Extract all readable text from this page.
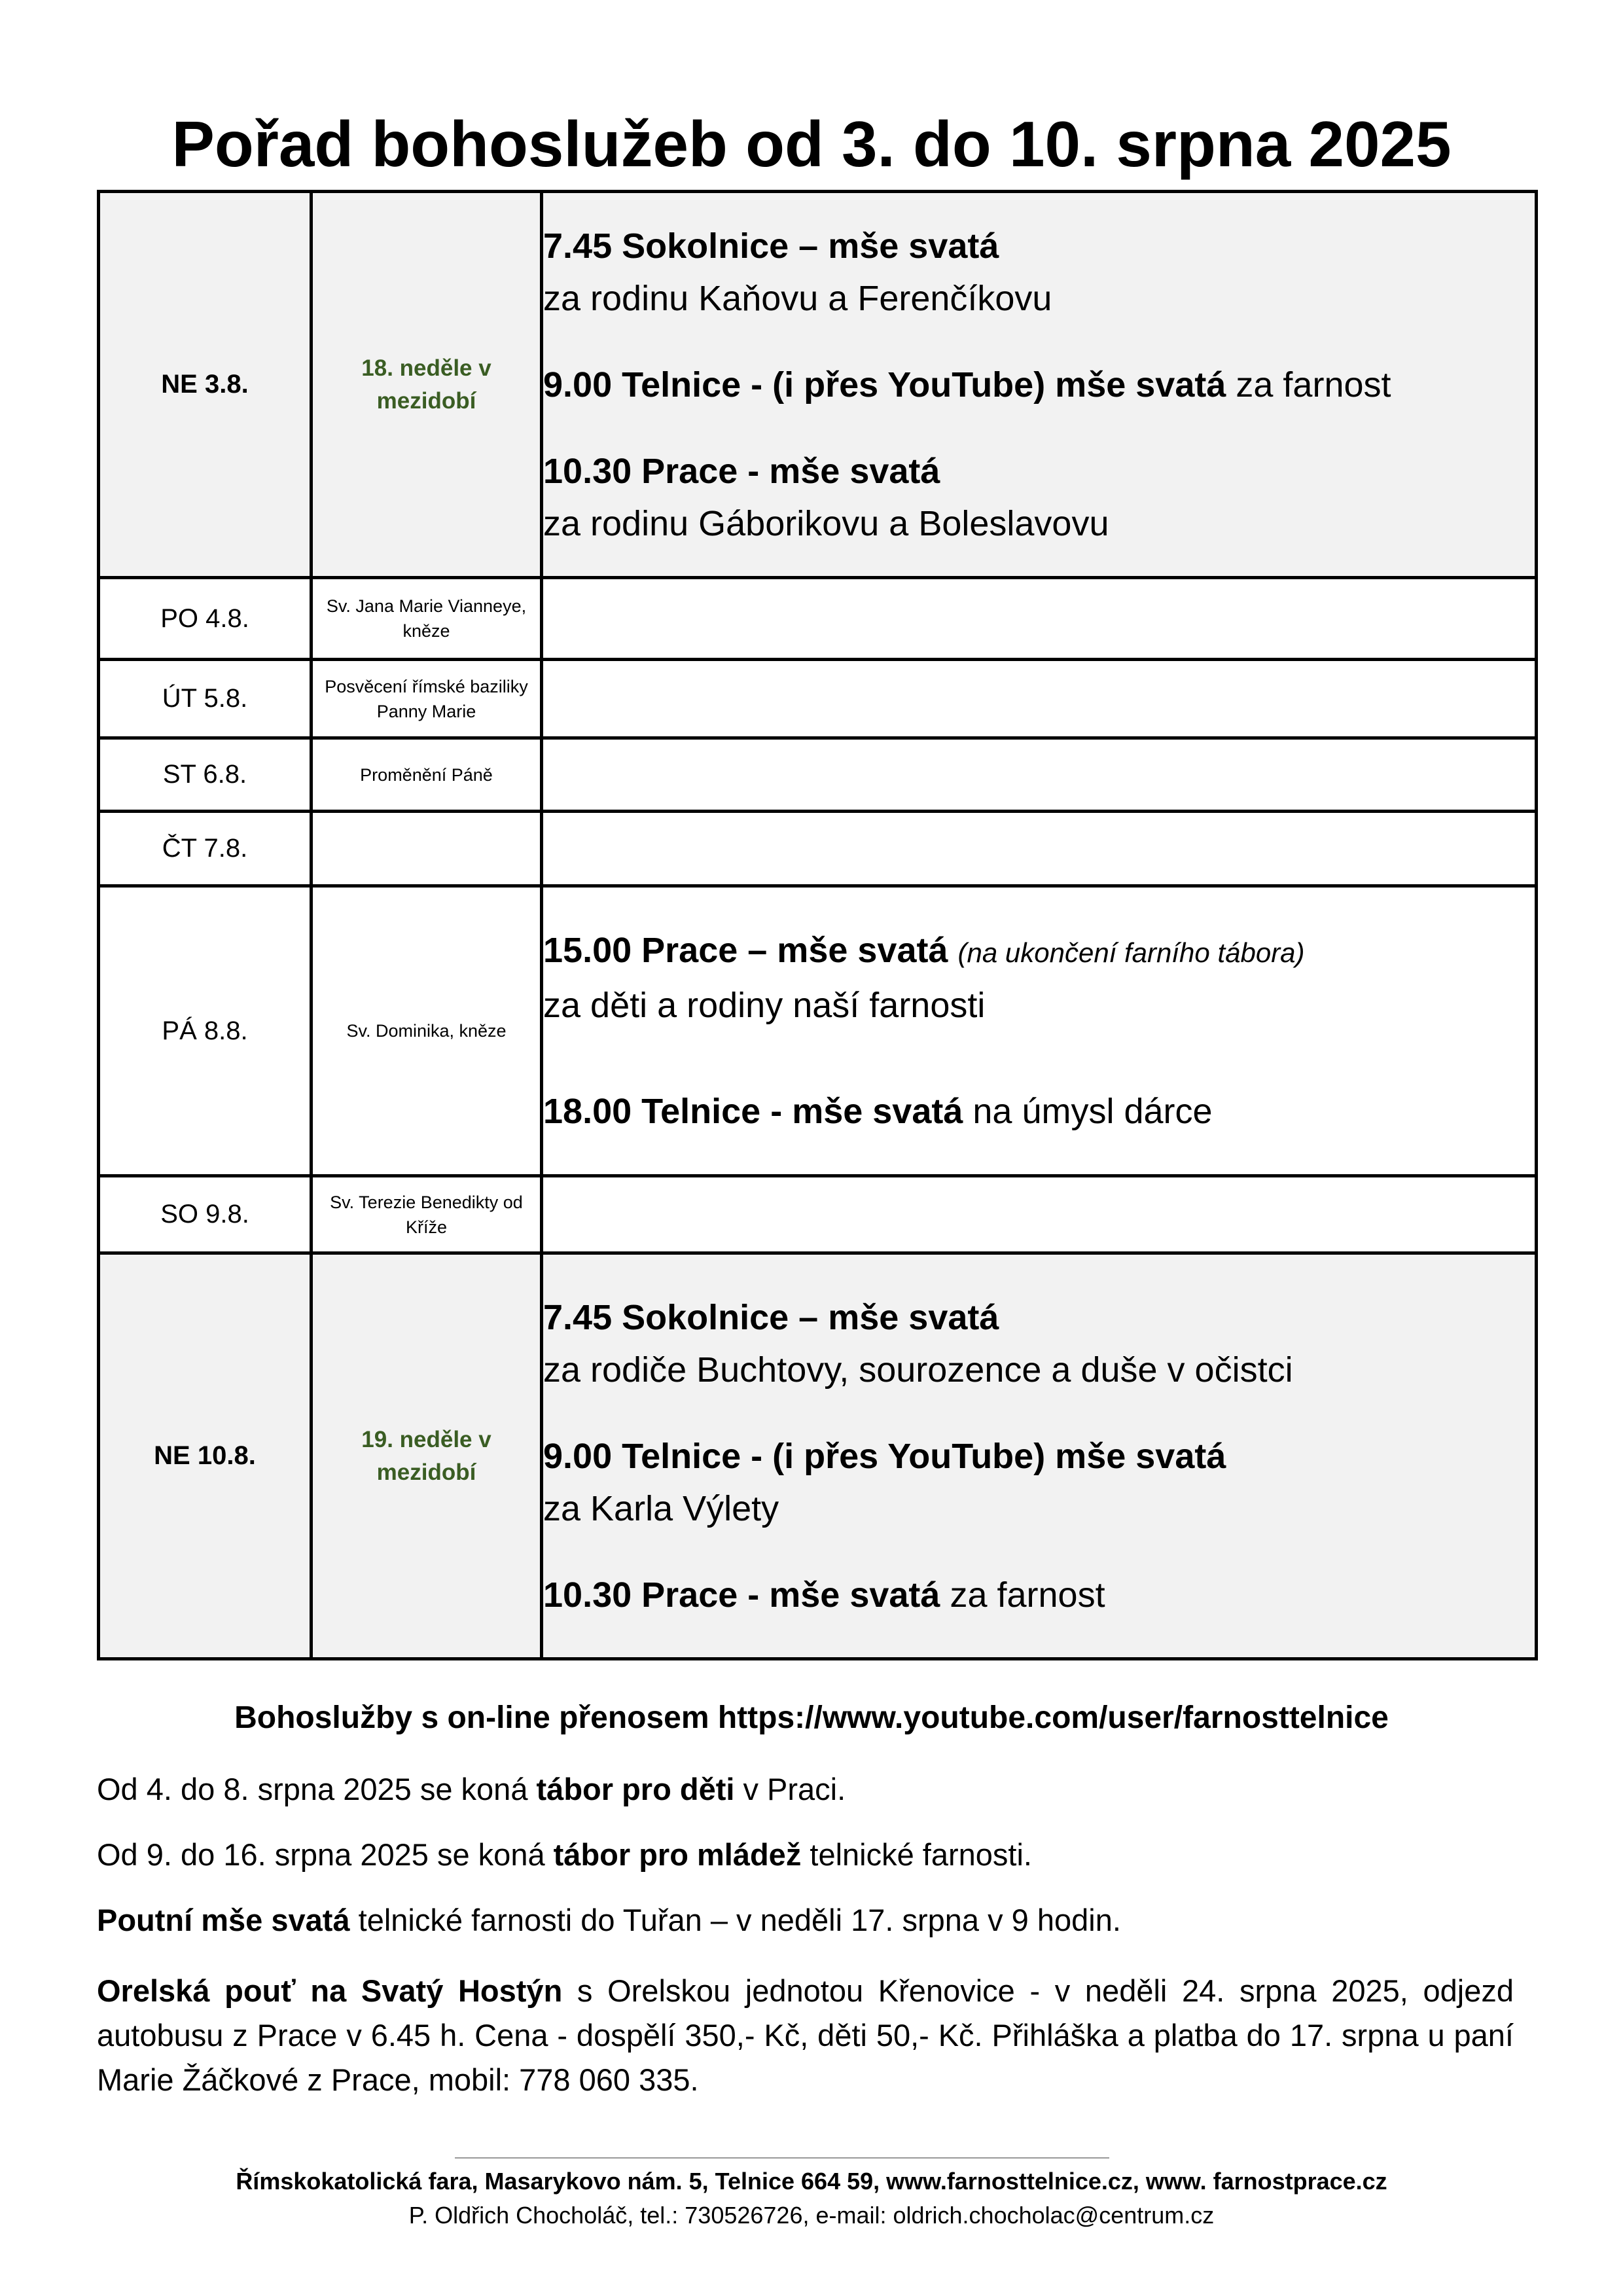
Pořad bohoslužeb od 3. do 10. srpna 2025
NE 3.8.	18. neděle v mezidobí	7.45 Sokolnice – mše svatá
za rodinu Kaňovu a Ferenčíkovu
9.00 Telnice - (i přes YouTube) mše svatá za farnost
10.30 Prace - mše svatá
za rodinu Gáborikovu a Boleslavovu

PO 4.8.	Sv. Jana Marie Vianneye, kněze	
ÚT 5.8.	Posvěcení římské baziliky Panny Marie	
ST 6.8.	Proměnění Páně	
ČT 7.8.		
PÁ 8.8.	Sv. Dominika, kněze	15.00 Prace – mše svatá (na ukončení farního tábora)
za děti a rodiny naší farnosti
18.00 Telnice - mše svatá na úmysl dárce

SO 9.8.	Sv. Terezie Benedikty od Kříže	
NE 10.8.	19. neděle v mezidobí	7.45 Sokolnice – mše svatá
za rodiče Buchtovy, sourozence a duše v očistci
9.00 Telnice - (i přes YouTube) mše svatá
za Karla Výlety
10.30 Prace - mše svatá za farnost
Bohoslužby s on-line přenosem https://www.youtube.com/user/farnosttelnice
Od 4. do 8. srpna 2025 se koná tábor pro děti v Praci.
Od 9. do 16. srpna 2025 se koná tábor pro mládež telnické farnosti.
Poutní mše svatá telnické farnosti do Tuřan – v neděli 17. srpna v 9 hodin.
Orelská pouť na Svatý Hostýn s Orelskou jednotou Křenovice - v neděli 24. srpna 2025, odjezd autobusu z Prace v 6.45 h. Cena - dospělí 350,- Kč, děti 50,- Kč. Přihláška a platba do 17. srpna u paní Marie Žáčkové z Prace, mobil: 778 060 335.
Římskokatolická fara, Masarykovo nám. 5, Telnice 664 59, www.farnosttelnice.cz, www. farnostprace.cz
P. Oldřich Chocholáč, tel.: 730526726, e-mail: oldrich.chocholac@centrum.cz
